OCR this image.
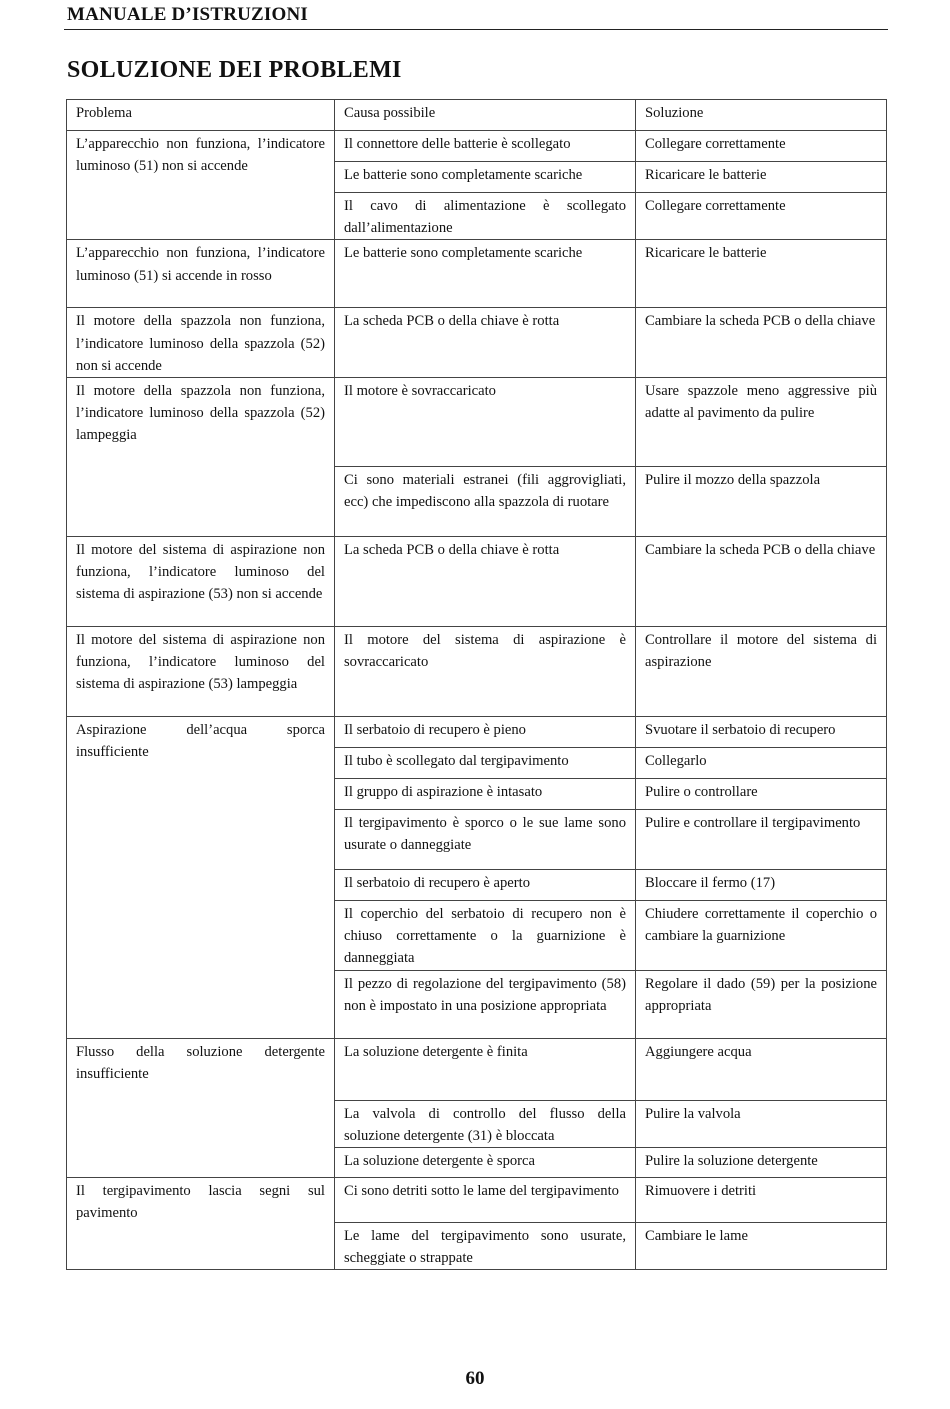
MANUALE D’ISTRUZIONI
SOLUZIONE DEI PROBLEMI
Problema	Causa possibile	Soluzione
L’apparecchio non funziona, l’indicatore luminoso (51) non si accende	Il connettore delle batterie è scollegato	Collegare correttamente
	Le batterie sono completamente scariche	Ricaricare le batterie
	Il cavo di alimentazione è scollegato dall’alimentazione	Collegare correttamente
L’apparecchio non funziona, l’indicatore luminoso (51) si accende in rosso	Le batterie sono completamente scariche	Ricaricare le batterie
Il motore della spazzola non funziona, l’indicatore luminoso della spazzola (52) non si accende	La scheda PCB o della chiave è rotta	Cambiare la scheda PCB o della chiave
Il motore della spazzola non funziona, l’indicatore luminoso della spazzola (52) lampeggia	Il motore è sovraccaricato	Usare spazzole meno aggressive più adatte al pavimento da pulire
	Ci sono materiali estranei (fili aggrovigliati, ecc) che impediscono alla spazzola di ruotare	Pulire il mozzo della spazzola
Il motore del sistema di aspirazione non funziona, l’indicatore luminoso del sistema di aspirazione (53) non si accende	La scheda PCB o della chiave è rotta	Cambiare la scheda PCB o della chiave
Il motore del sistema di aspirazione non funziona, l’indicatore luminoso del sistema di aspirazione (53) lampeggia	Il motore del sistema di aspirazione è sovraccaricato	Controllare il motore del sistema di aspirazione
Aspirazione dell’acqua sporca insufficiente	Il serbatoio di recupero è pieno	Svuotare il serbatoio di recupero
	Il tubo è scollegato dal tergipavimento	Collegarlo
	Il gruppo di aspirazione è intasato	Pulire o controllare
	Il tergipavimento è sporco o le sue lame sono usurate o danneggiate	Pulire e controllare il tergipavimento
	Il serbatoio di recupero è aperto	Bloccare il fermo (17)
	Il coperchio del serbatoio di recupero non è chiuso correttamente o la guarnizione è danneggiata	Chiudere correttamente il coperchio o cambiare la guarnizione
	Il pezzo di regolazione del tergipavimento (58) non è impostato in una posizione appropriata	Regolare il dado (59) per la posizione appropriata
Flusso della soluzione detergente insufficiente	La soluzione detergente è finita	Aggiungere acqua
	La valvola di controllo del flusso della soluzione detergente (31) è bloccata	Pulire la valvola
	La soluzione detergente è sporca	Pulire la soluzione detergente
Il tergipavimento lascia segni sul pavimento	Ci sono detriti sotto le lame del tergipavimento	Rimuovere i detriti
	Le lame del tergipavimento sono usurate, scheggiate o strappate	Cambiare le lame
60
